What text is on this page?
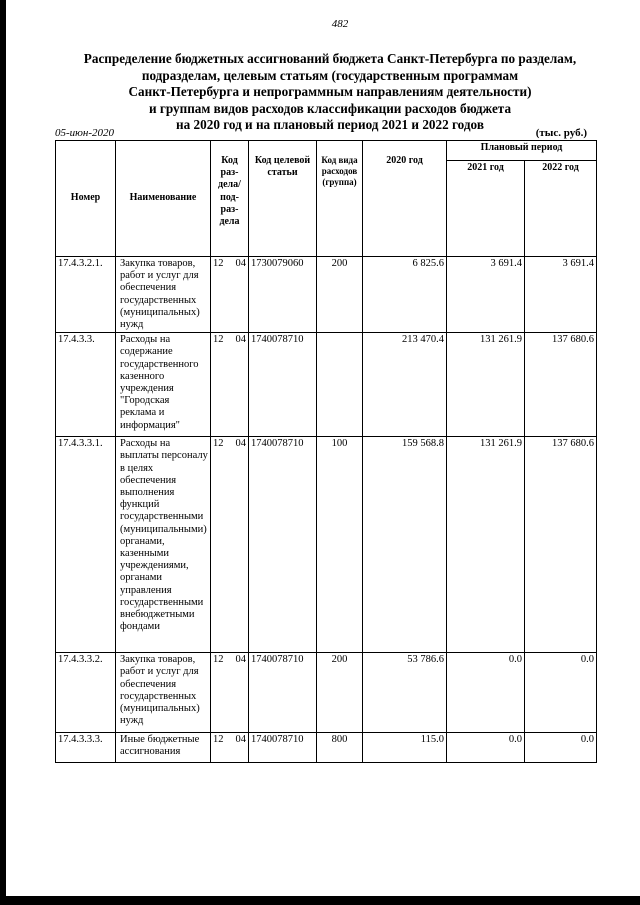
482
Распределение бюджетных ассигнований бюджета Санкт-Петербурга по разделам,
подразделам, целевым статьям (государственным программам
Санкт-Петербурга и непрограммным направлениям деятельности)
и группам видов расходов классификации расходов бюджета
на 2020 год и на плановый период 2021 и 2022 годов
05-июн-2020	(тыс. руб.)
Номер	Наименование	Код раз- дела/ под- раз- дела	Код целевой статьи	Код вида расходов (группа)	2020 год	Плановый период	
						2021 год	2022 год
17.4.3.2.1.	Закупка товаров, работ и услуг для обеспечения государственных (муниципальных) нужд	12 04	1730079060	200	6 825.6	3 691.4	3 691.4
17.4.3.3.	Расходы на содержание государственного казенного учреждения "Городская реклама и информация"	12 04	1740078710		213 470.4	131 261.9	137 680.6
17.4.3.3.1.	Расходы на выплаты персоналу в целях обеспечения выполнения функций государственными (муниципальными) органами, казенными учреждениями, органами управления государственными внебюджетными фондами	12 04	1740078710	100	159 568.8	131 261.9	137 680.6
17.4.3.3.2.	Закупка товаров, работ и услуг для обеспечения государственных (муниципальных) нужд	12 04	1740078710	200	53 786.6	0.0	0.0
17.4.3.3.3.	Иные бюджетные ассигнования	12 04	1740078710	800	115.0	0.0	0.0
